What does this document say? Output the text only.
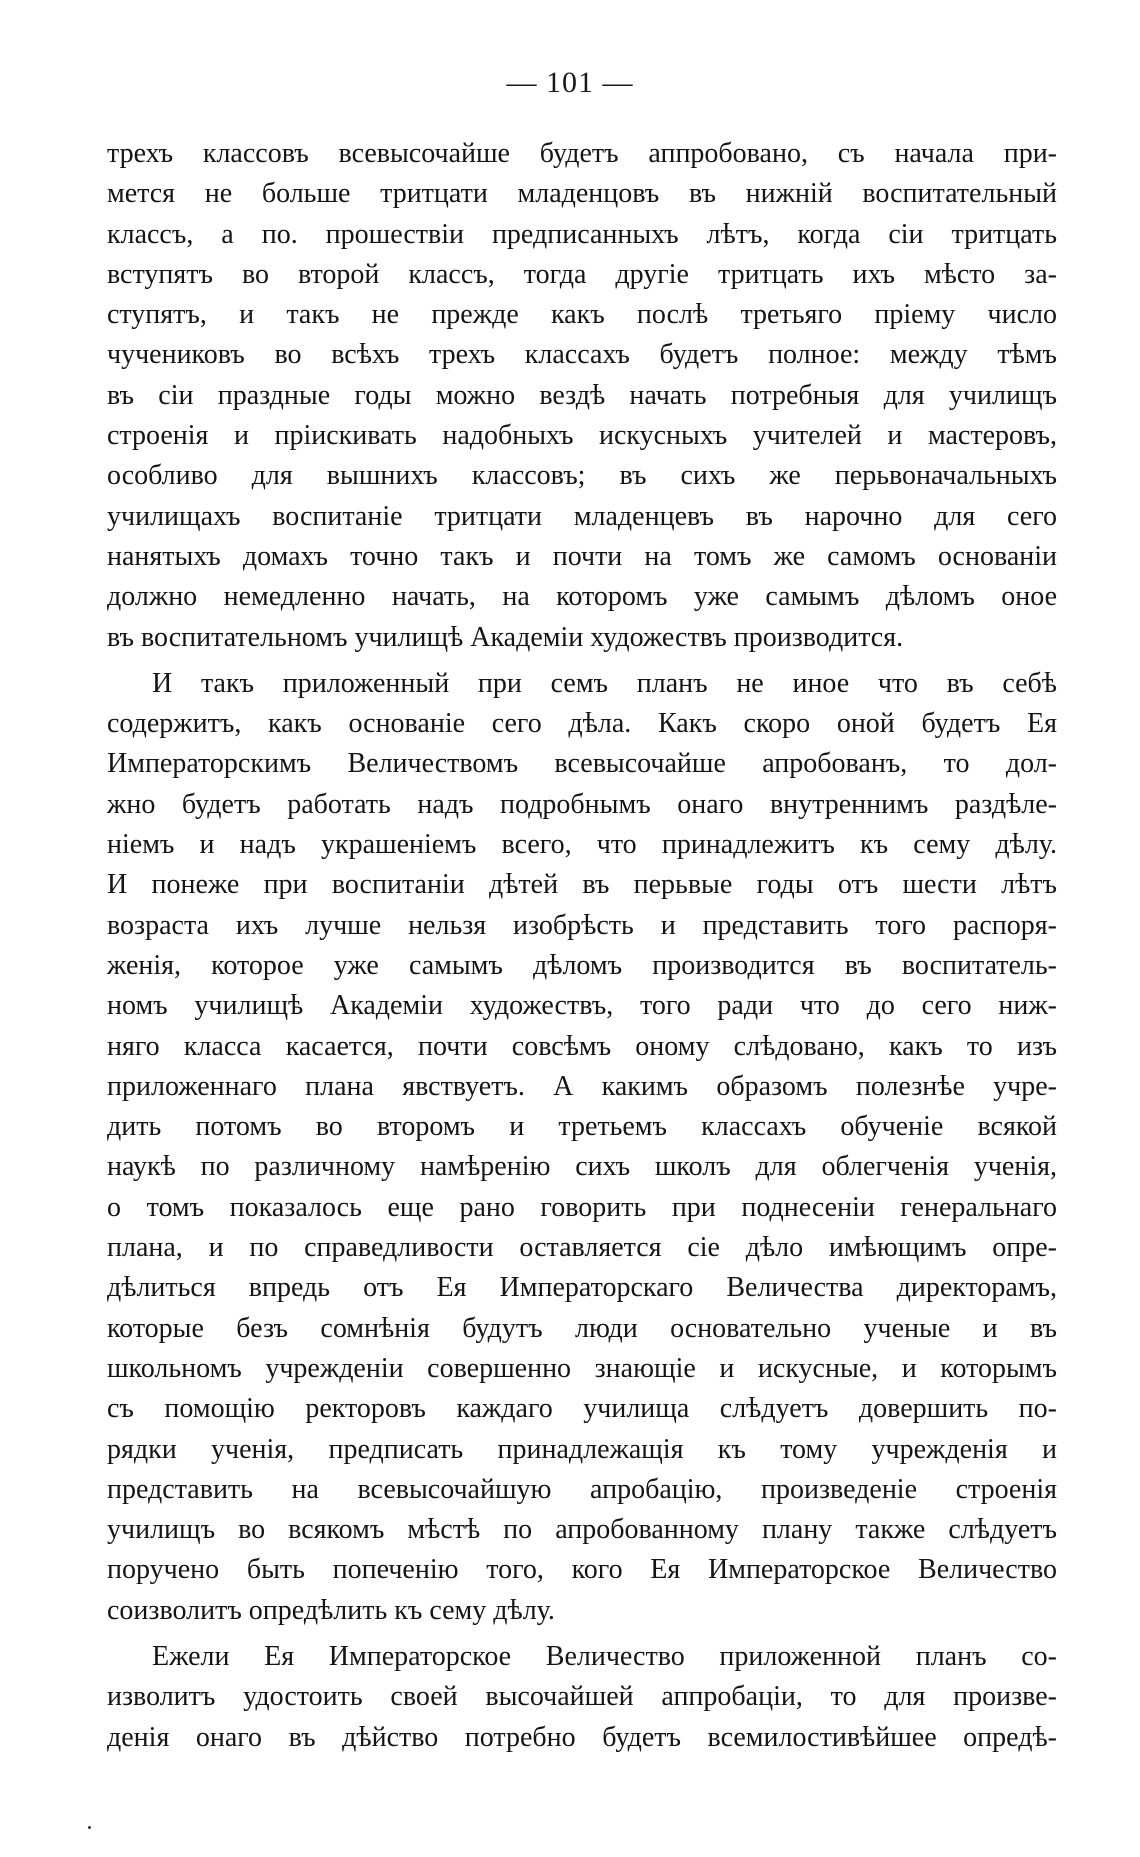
— 101 —
трехъ классовъ всевысочайше будетъ аппробовано, съ начала при-
мется не больше тритцати младенцовъ въ нижній воспитательный
классъ, а по. прошествіи предписанныхъ лѣтъ, когда сіи тритцать
вступятъ во второй классъ, тогда другіе тритцать ихъ мѣсто за-
ступятъ, и такъ не прежде какъ послѣ третьяго пріему число
чучениковъ во всѣхъ трехъ классахъ будетъ полное: между тѣмъ
въ сіи праздные годы можно вездѣ начать потребныя для училищъ
строенія и пріискивать надобныхъ искусныхъ учителей и мастеровъ,
особливо для вышнихъ классовъ; въ сихъ же перьвоначальныхъ
училищахъ воспитаніе тритцати младенцевъ въ нарочно для сего
нанятыхъ домахъ точно такъ и почти на томъ же самомъ основаніи
должно немедленно начать, на которомъ уже самымъ дѣломъ оное
въ воспитательномъ училищѣ Академіи художествъ производится.
И такъ приложенный при семъ планъ не иное что въ себѣ
содержитъ, какъ основаніе сего дѣла. Какъ скоро оной будетъ Ея
Императорскимъ Величествомъ всевысочайше апробованъ, то дол-
жно будетъ работать надъ подробнымъ онаго внутреннимъ раздѣле-
ніемъ и надъ украшеніемъ всего, что принадлежитъ къ сему дѣлу.
И понеже при воспитаніи дѣтей въ перьвые годы отъ шести лѣтъ
возраста ихъ лучше нельзя изобрѣсть и представить того распоря-
женія, которое уже самымъ дѣломъ производится въ воспитатель-
номъ училищѣ Академіи художествъ, того ради что до сего ниж-
няго класса касается, почти совсѣмъ оному слѣдовано, какъ то изъ
приложеннаго плана явствуетъ. А какимъ образомъ полезнѣе учре-
дить потомъ во второмъ и третьемъ классахъ обученіе всякой
наукѣ по различному намѣренію сихъ школъ для облегченія ученія,
о томъ показалось еще рано говорить при поднесеніи генеральнаго
плана, и по справедливости оставляется сіе дѣло имѣющимъ опре-
дѣлиться впредь отъ Ея Императорскаго Величества директорамъ,
которые безъ сомнѣнія будутъ люди основательно ученые и въ
школьномъ учрежденіи совершенно знающіе и искусные, и которымъ
съ помощію ректоровъ каждаго училища слѣдуетъ довершить по-
рядки ученія, предписать принадлежащія къ тому учрежденія и
представить на всевысочайшую апробацію, произведеніе строенія
училищъ во всякомъ мѣстѣ по апробованному плану также слѣдуетъ
поручено быть попеченію того, кого Ея Императорское Величество
соизволитъ опредѣлить къ сему дѣлу.
Ежели Ея Императорское Величество приложенной планъ со-
изволитъ удостоить своей высочайшей аппробаціи, то для произве-
денія онаго въ дѣйство потребно будетъ всемилостивѣйшее опредѣ-
